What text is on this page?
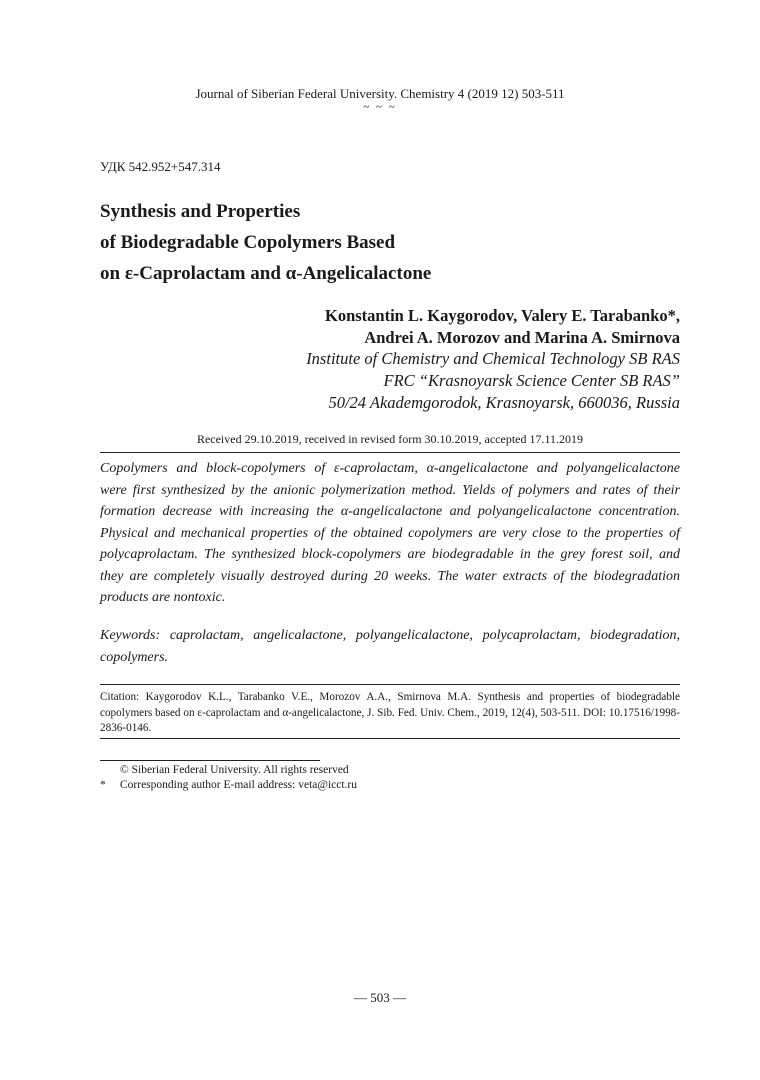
Journal of Siberian Federal University. Chemistry 4 (2019 12) 503-511
~ ~ ~
УДК 542.952+547.314
Synthesis and Properties
of Biodegradable Copolymers Based
on ε-Caprolactam and α-Angelicalactone
Konstantin L. Kaygorodov, Valery E. Tarabanko*,
Andrei A. Morozov and Marina A. Smirnova
Institute of Chemistry and Chemical Technology SB RAS
FRC “Krasnoyarsk Science Center SB RAS”
50/24 Akademgorodok, Krasnoyarsk, 660036, Russia
Received 29.10.2019, received in revised form 30.10.2019, accepted 17.11.2019
Copolymers and block-copolymers of ε-caprolactam, α-angelicalactone and polyangelicalactone
were first synthesized by the anionic polymerization method. Yields of polymers and rates of their
formation decrease with increasing the α-angelicalactone and polyangelicalactone concentration.
Physical and mechanical properties of the obtained copolymers are very close to the properties of
polycaprolactam. The synthesized block-copolymers are biodegradable in the grey forest soil, and
they are completely visually destroyed during 20 weeks. The water extracts of the biodegradation
products are nontoxic.
Keywords: caprolactam, angelicalactone, polyangelicalactone, polycaprolactam, biodegradation,
copolymers.
Citation: Kaygorodov K.L., Tarabanko V.E., Morozov A.A., Smirnova M.A. Synthesis and properties of biodegradable
copolymers based on ε-caprolactam and α-angelicalactone, J. Sib. Fed. Univ. Chem., 2019, 12(4), 503-511. DOI: 10.17516/1998-
2836-0146.
© Siberian Federal University. All rights reserved
* Corresponding author E-mail address: veta@icct.ru
— 503 —
